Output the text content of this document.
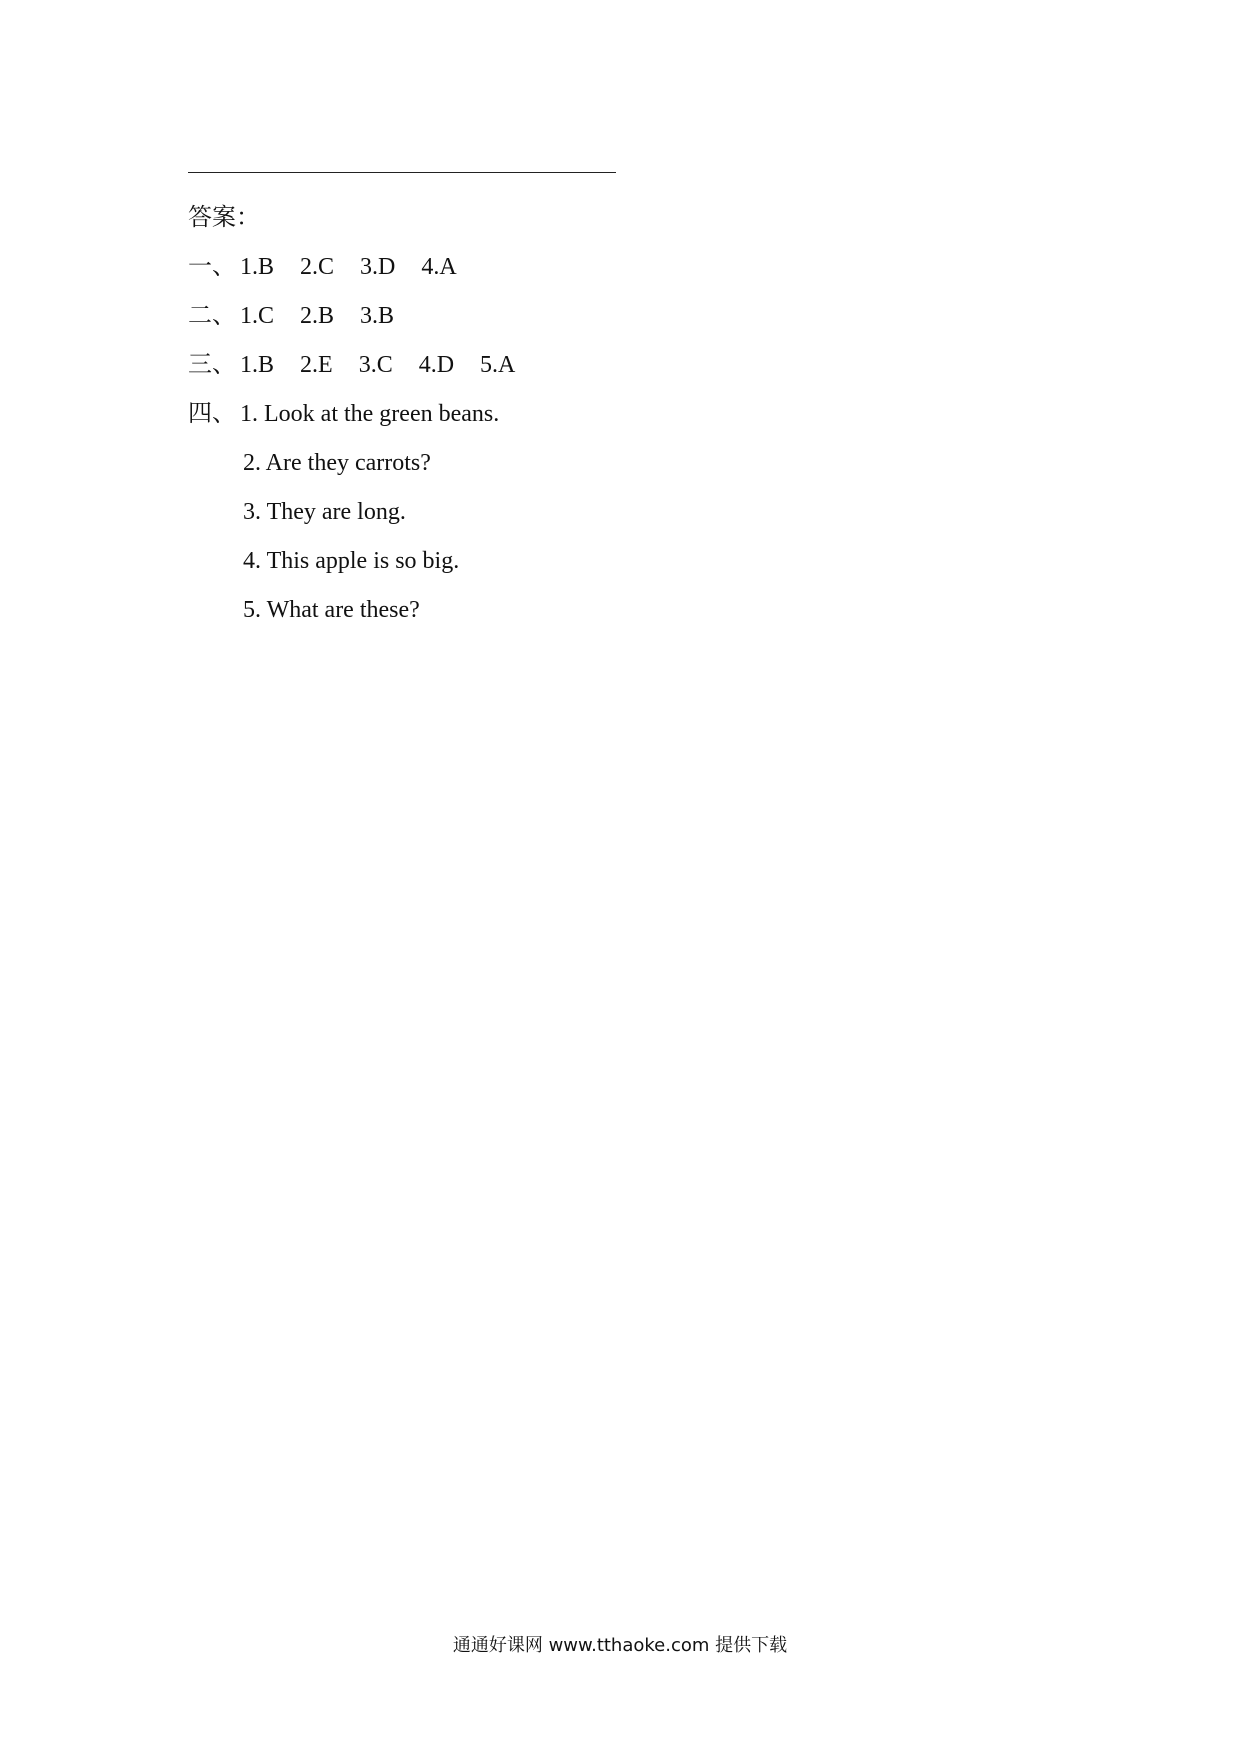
答案：
一、 1.B 2.C 3.D 4.A
二、 1.C 2.B 3.B
三、 1.B 2.E 3.C 4.D 5.A
四、 1. Look at the green beans.
2. Are they carrots?
3. They are long.
4. This apple is so big.
5. What are these?
通通好课网 www.tthaoke.com 提供下载
